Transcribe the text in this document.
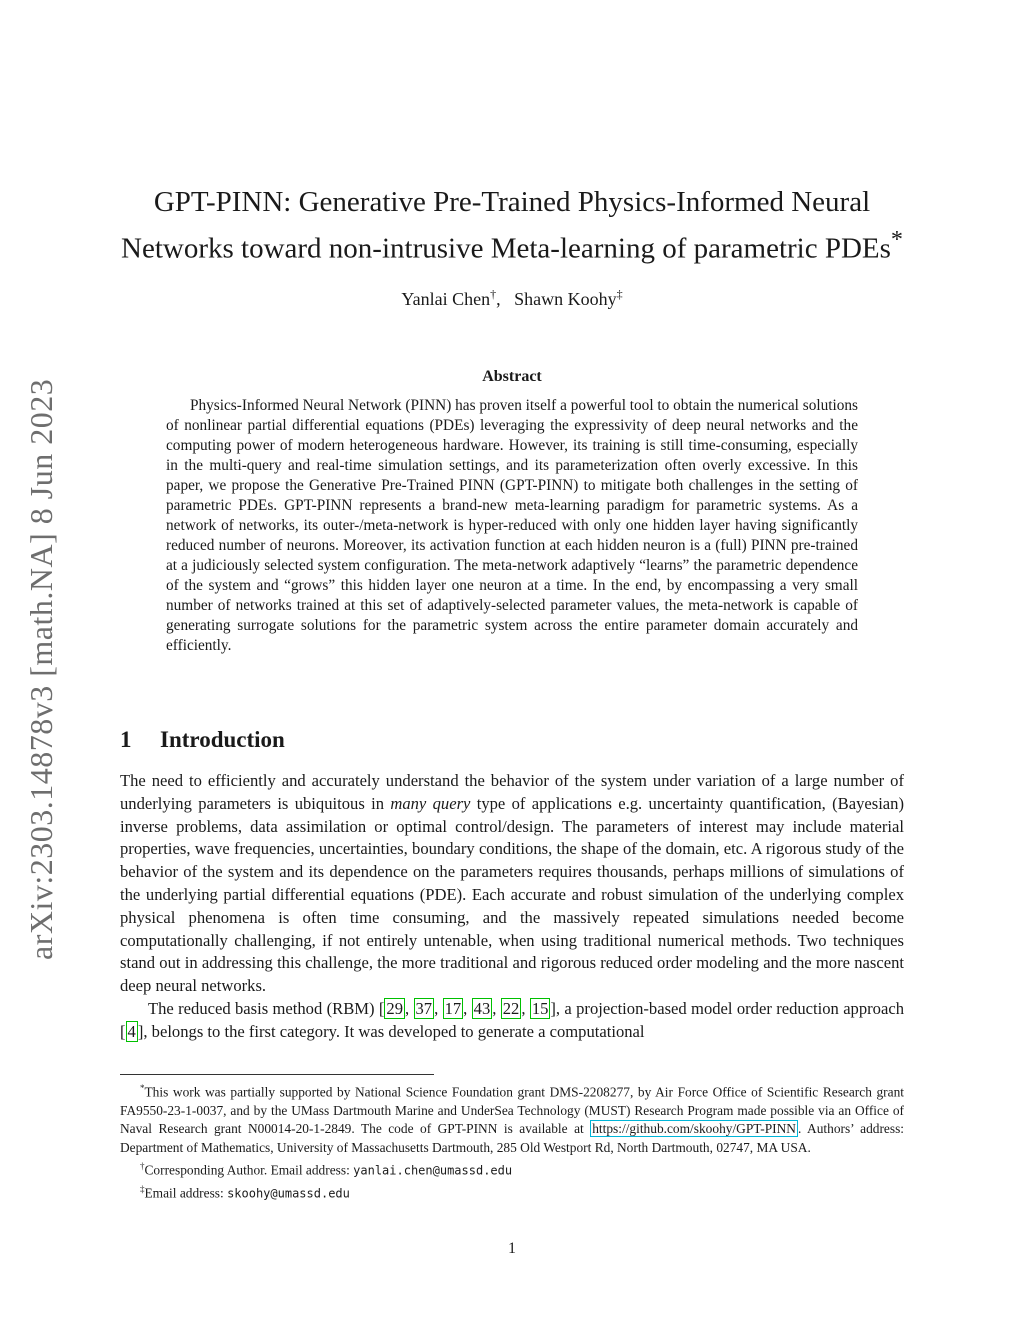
arXiv:2303.14878v3 [math.NA] 8 Jun 2023
GPT-PINN: Generative Pre-Trained Physics-Informed Neural
Networks toward non-intrusive Meta-learning of parametric PDEs*
Yanlai Chen†, Shawn Koohy‡
Abstract
Physics-Informed Neural Network (PINN) has proven itself a powerful tool to obtain the numerical solutions of nonlinear partial differential equations (PDEs) leveraging the expressivity of deep neural networks and the computing power of modern heterogeneous hardware. However, its training is still time-consuming, especially in the multi-query and real-time simulation settings, and its parameterization often overly excessive. In this paper, we propose the Generative Pre-Trained PINN (GPT-PINN) to mitigate both challenges in the setting of parametric PDEs. GPT-PINN represents a brand-new meta-learning paradigm for parametric systems. As a network of networks, its outer-/meta-network is hyper-reduced with only one hidden layer having significantly reduced number of neurons. Moreover, its activation function at each hidden neuron is a (full) PINN pre-trained at a judiciously selected system configuration. The meta-network adaptively “learns” the parametric dependence of the system and “grows” this hidden layer one neuron at a time. In the end, by encompassing a very small number of networks trained at this set of adaptively-selected parameter values, the meta-network is capable of generating surrogate solutions for the parametric system across the entire parameter domain accurately and efficiently.
1 Introduction

The need to efficiently and accurately understand the behavior of the system under variation of a large number of underlying parameters is ubiquitous in many query type of applications e.g. uncertainty quantification, (Bayesian) inverse problems, data assimilation or optimal control/design. The parameters of interest may include material properties, wave frequencies, uncertainties, boundary conditions, the shape of the domain, etc. A rigorous study of the behavior of the system and its dependence on the parameters requires thousands, perhaps millions of simulations of the underlying partial differential equations (PDE). Each accurate and robust simulation of the underlying complex physical phenomena is often time consuming, and the massively repeated simulations needed become computationally challenging, if not entirely untenable, when using traditional numerical methods. Two techniques stand out in addressing this challenge, the more traditional and rigorous reduced order modeling and the more nascent deep neural networks.

The reduced basis method (RBM) [ 29 , 37 , 17 , 43 , 22 , 15 ], a projection-based model order reduction approach [ 4 ], belongs to the first category. It was developed to generate a computational

*This work was partially supported by National Science Foundation grant DMS-2208277, by Air Force Office of Scientific Research grant FA9550-23-1-0037, and by the UMass Dartmouth Marine and UnderSea Technology (MUST) Research Program made possible via an Office of Naval Research grant N00014-20-1-2849. The code of GPT-PINN is available at https://github.com/skoohy/GPT-PINN . Authors’ address: Department of Mathematics, University of Massachusetts Dartmouth, 285 Old Westport Rd, North Dartmouth, 02747, MA USA.

†Corresponding Author. Email address: yanlai.chen@umassd.edu

‡Email address: skoohy@umassd.edu

1
